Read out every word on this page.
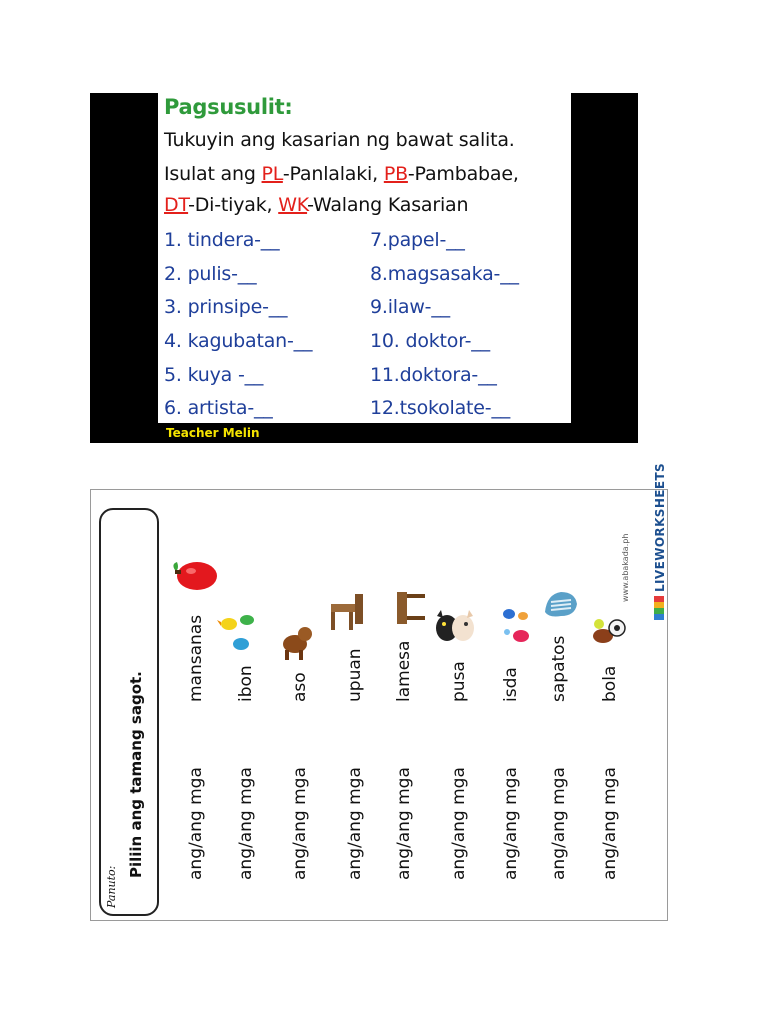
Pagsusulit:
Tukuyin ang kasarian ng bawat salita.
Isulat ang PL-Panlalaki, PB-Pambabae,
DT-Di-tiyak, WK-Walang Kasarian
1. tindera-__
2. pulis-__
3. prinsipe-__
4. kagubatan-__
5. kuya -__
6. artista-__
7.papel-__
8.magsasaka-__
9.ilaw-__
10. doktor-__
11.doktora-__
12.tsokolate-__
Teacher Melin
Panuto:
Piliin ang tamang sagot. ang/ang mga ang/ang mga ang/ang mga ang/ang mga ang/ang mga ang/ang mga ang/ang mga ang/ang mga ang/ang mga
mansanas ibon aso upuan lamesa pusa isda sapatos bola
www.abakada.ph LIVEWORKSHEETS
